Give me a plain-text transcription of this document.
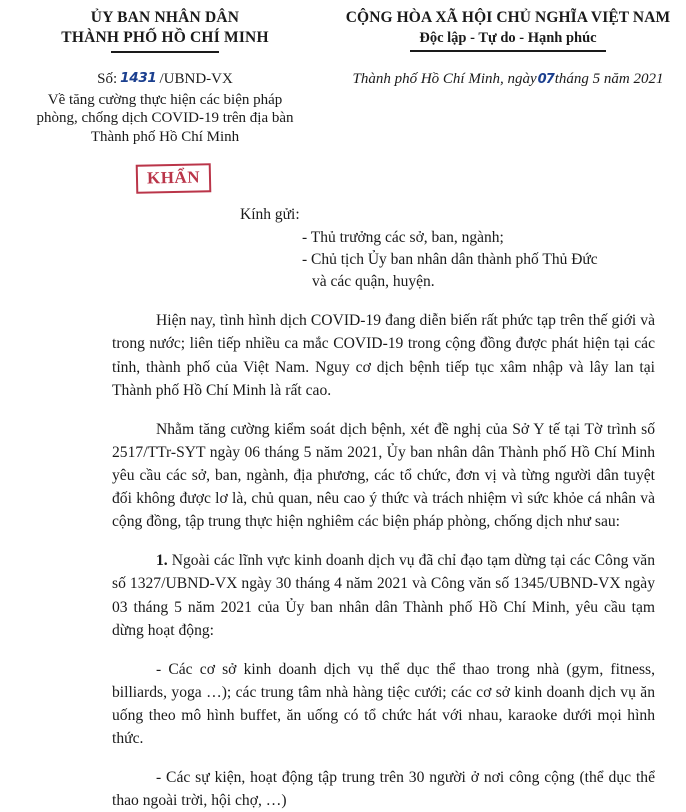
ỦY BAN NHÂN DÂN
THÀNH PHỐ HỒ CHÍ MINH
CỘNG HÒA XÃ HỘI CHỦ NGHĨA VIỆT NAM
Độc lập - Tự do - Hạnh phúc
Số: 1431 /UBND-VX
Về tăng cường thực hiện các biện pháp
phòng, chống dịch COVID-19 trên địa bàn
Thành phố Hồ Chí Minh
Thành phố Hồ Chí Minh, ngày07tháng 5 năm 2021
KHẨN
Kính gửi:
- Thủ trưởng các sở, ban, ngành;
- Chủ tịch Ủy ban nhân dân thành phố Thủ Đức
và các quận, huyện.

Hiện nay, tình hình dịch COVID-19 đang diễn biến rất phức tạp trên thế giới và trong nước; liên tiếp nhiều ca mắc COVID-19 trong cộng đồng được phát hiện tại các tỉnh, thành phố của Việt Nam. Nguy cơ dịch bệnh tiếp tục xâm nhập và lây lan tại Thành phố Hồ Chí Minh là rất cao.

Nhằm tăng cường kiểm soát dịch bệnh, xét đề nghị của Sở Y tế tại Tờ trình số 2517/TTr-SYT ngày 06 tháng 5 năm 2021, Ủy ban nhân dân Thành phố Hồ Chí Minh yêu cầu các sở, ban, ngành, địa phương, các tổ chức, đơn vị và từng người dân tuyệt đối không được lơ là, chủ quan, nêu cao ý thức và trách nhiệm vì sức khỏe cá nhân và cộng đồng, tập trung thực hiện nghiêm các biện pháp phòng, chống dịch như sau:

1. Ngoài các lĩnh vực kinh doanh dịch vụ đã chỉ đạo tạm dừng tại các Công văn số 1327/UBND-VX ngày 30 tháng 4 năm 2021 và Công văn số 1345/UBND-VX ngày 03 tháng 5 năm 2021 của Ủy ban nhân dân Thành phố Hồ Chí Minh, yêu cầu tạm dừng hoạt động:

- Các cơ sở kinh doanh dịch vụ thể dục thể thao trong nhà (gym, fitness, billiards, yoga …); các trung tâm nhà hàng tiệc cưới; các cơ sở kinh doanh dịch vụ ăn uống theo mô hình buffet, ăn uống có tổ chức hát với nhau, karaoke dưới mọi hình thức.

- Các sự kiện, hoạt động tập trung trên 30 người ở nơi công cộng (thể dục thể thao ngoài trời, hội chợ, …)
